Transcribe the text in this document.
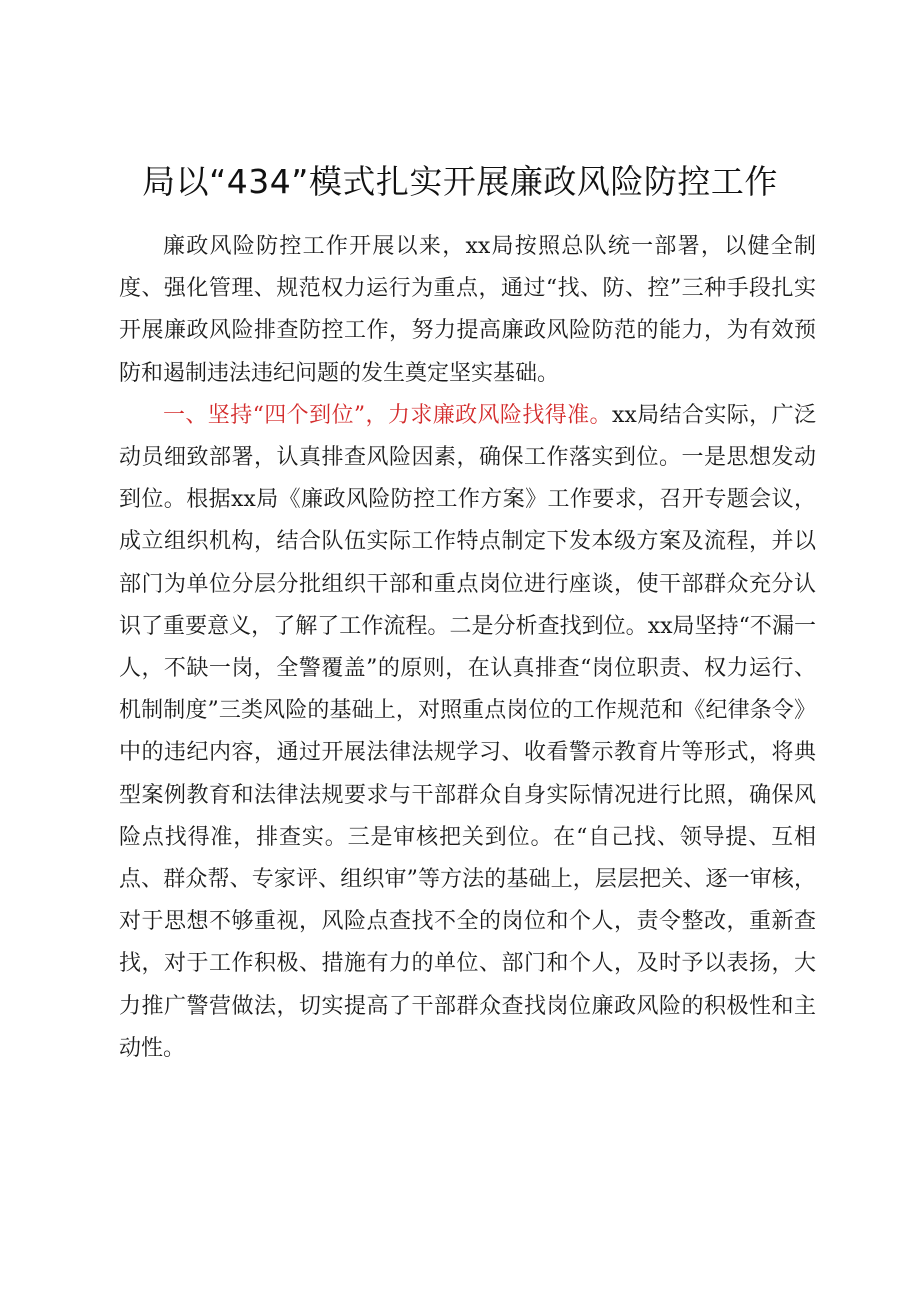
局以“434”模式扎实开展廉政风险防控工作

廉政风险防控工作开展以来，xx局按照总队统一部署，以健全制度、强化管理、规范权力运行为重点，通过“找、防、控”三种手段扎实开展廉政风险排查防控工作，努力提高廉政风险防范的能力，为有效预防和遏制违法违纪问题的发生奠定坚实基础。

一、坚持“四个到位”，力求廉政风险找得准。xx局结合实际，广泛动员细致部署，认真排查风险因素，确保工作落实到位。一是思想发动到位。根据xx局《廉政风险防控工作方案》工作要求，召开专题会议，成立组织机构，结合队伍实际工作特点制定下发本级方案及流程，并以部门为单位分层分批组织干部和重点岗位进行座谈，使干部群众充分认识了重要意义，了解了工作流程。二是分析查找到位。xx局坚持“不漏一人，不缺一岗，全警覆盖”的原则，在认真排查“岗位职责、权力运行、机制制度”三类风险的基础上，对照重点岗位的工作规范和《纪律条令》中的违纪内容，通过开展法律法规学习、收看警示教育片等形式，将典型案例教育和法律法规要求与干部群众自身实际情况进行比照，确保风险点找得准，排查实。三是审核把关到位。在“自己找、领导提、互相点、群众帮、专家评、组织审”等方法的基础上，层层把关、逐一审核，对于思想不够重视，风险点查找不全的岗位和个人，责令整改，重新查找，对于工作积极、措施有力的单位、部门和个人，及时予以表扬，大力推广警营做法，切实提高了干部群众查找岗位廉政风险的积极性和主动性。
